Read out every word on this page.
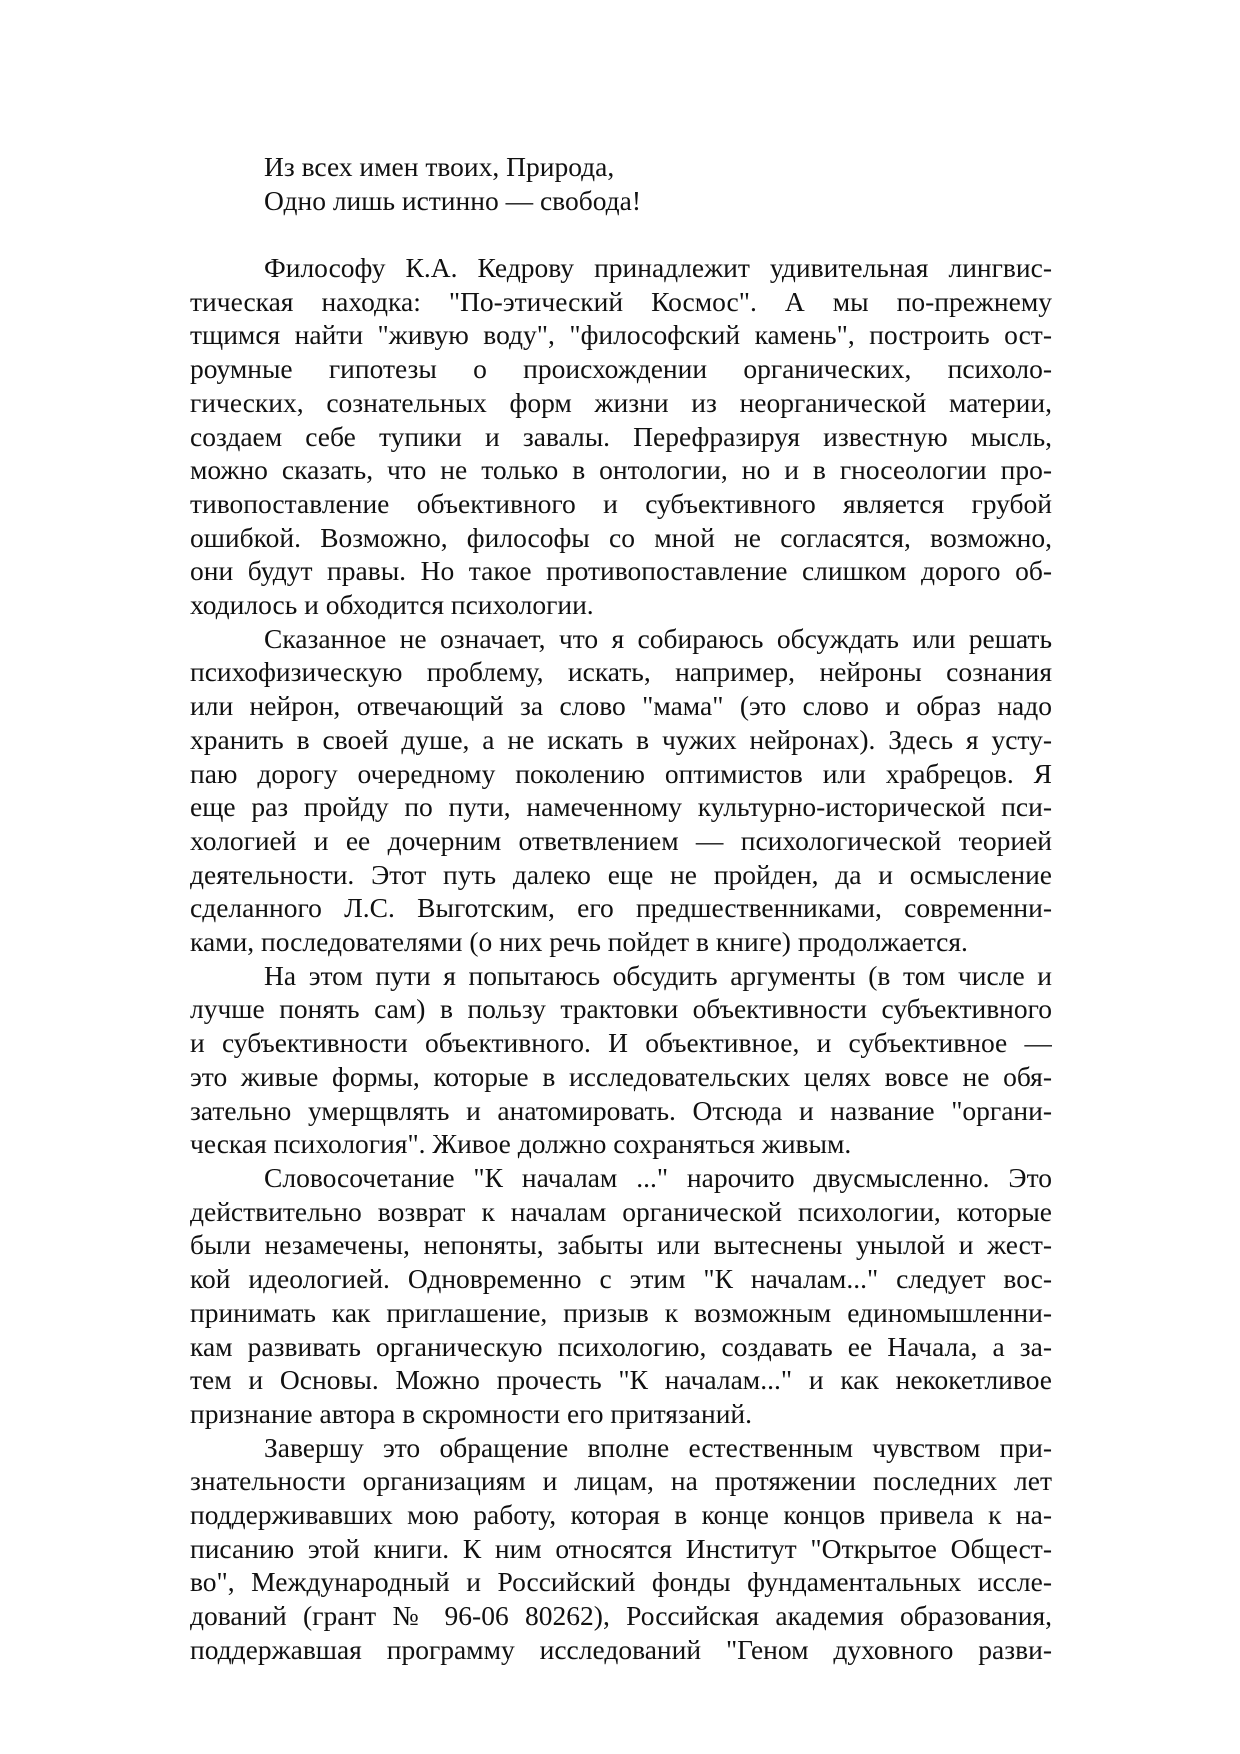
Из всех имен твоих, Природа,
Одно лишь истинно — свобода!
Философу К.А. Кедрову принадлежит удивительная лингвис-
тическая находка: "По-этический Космос". А мы по-прежнему
тщимся найти "живую воду", "философский камень", построить ост-
роумные гипотезы о происхождении органических, психоло-
гических, сознательных форм жизни из неорганической материи,
создаем себе тупики и завалы. Перефразируя известную мысль,
можно сказать, что не только в онтологии, но и в гносеологии про-
тивопоставление объективного и субъективного является грубой
ошибкой. Возможно, философы со мной не согласятся, возможно,
они будут правы. Но такое противопоставление слишком дорого об-
ходилось и обходится психологии.
Сказанное не означает, что я собираюсь обсуждать или решать
психофизическую проблему, искать, например, нейроны сознания
или нейрон, отвечающий за слово "мама" (это слово и образ надо
хранить в своей душе, а не искать в чужих нейронах). Здесь я усту-
паю дорогу очередному поколению оптимистов или храбрецов. Я
еще раз пройду по пути, намеченному культурно-исторической пси-
хологией и ее дочерним ответвлением — психологической теорией
деятельности. Этот путь далеко еще не пройден, да и осмысление
сделанного Л.С. Выготским, его предшественниками, современни-
ками, последователями (о них речь пойдет в книге) продолжается.
На этом пути я попытаюсь обсудить аргументы (в том числе и
лучше понять сам) в пользу трактовки объективности субъективного
и субъективности объективного. И объективное, и субъективное —
это живые формы, которые в исследовательских целях вовсе не обя-
зательно умерщвлять и анатомировать. Отсюда и название "органи-
ческая психология". Живое должно сохраняться живым.
Словосочетание "К началам ..." нарочито двусмысленно. Это
действительно возврат к началам органической психологии, которые
были незамечены, непоняты, забыты или вытеснены унылой и жест-
кой идеологией. Одновременно с этим "К началам..." следует вос-
принимать как приглашение, призыв к возможным единомышленни-
кам развивать органическую психологию, создавать ее Начала, а за-
тем и Основы. Можно прочесть "К началам..." и как некокетливое
признание автора в скромности его притязаний.
Завершу это обращение вполне естественным чувством при-
знательности организациям и лицам, на протяжении последних лет
поддерживавших мою работу, которая в конце концов привела к на-
писанию этой книги. К ним относятся Институт "Открытое Общест-
во", Международный и Российский фонды фундаментальных иссле-
дований (грант № 96-06 80262), Российская академия образования,
поддержавшая программу исследований "Геном духовного разви-
